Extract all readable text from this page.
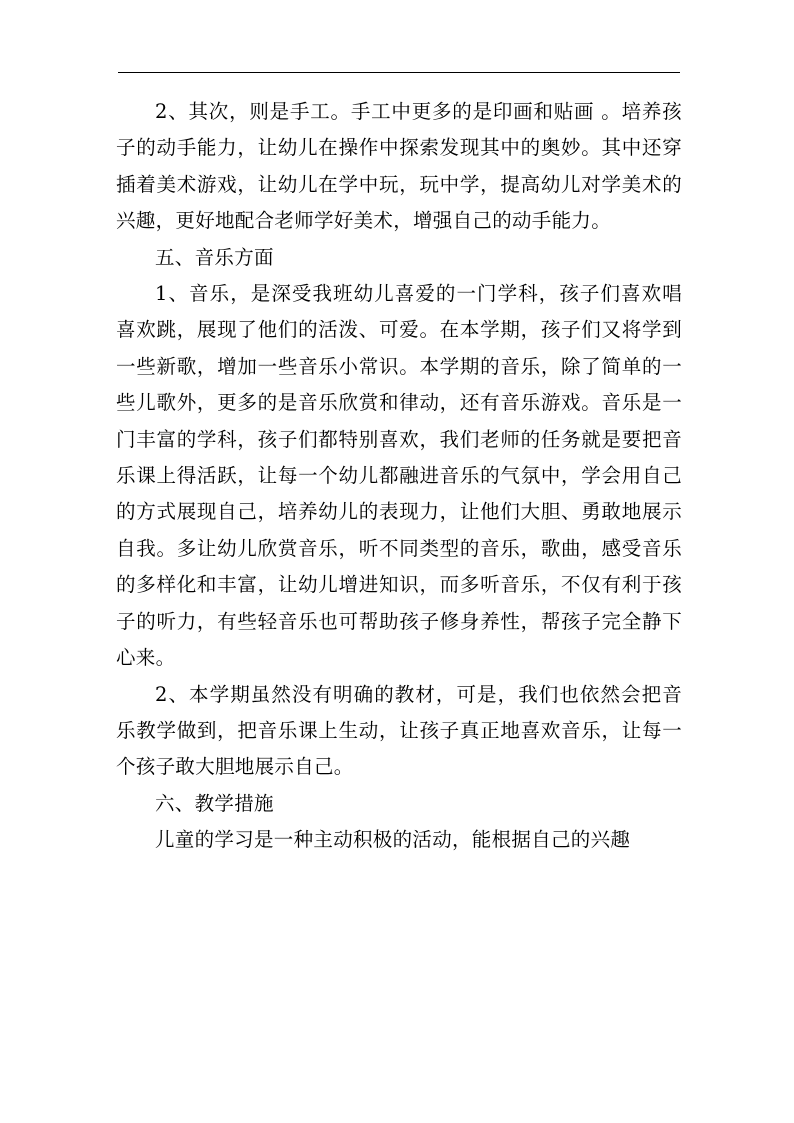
2、其次，则是手工。手工中更多的是印画和贴画 。培养孩子的动手能力，让幼儿在操作中探索发现其中的奥妙。其中还穿插着美术游戏，让幼儿在学中玩，玩中学，提高幼儿对学美术的兴趣，更好地配合老师学好美术，增强自己的动手能力。

五、音乐方面

1、音乐，是深受我班幼儿喜爱的一门学科，孩子们喜欢唱喜欢跳，展现了他们的活泼、可爱。在本学期，孩子们又将学到一些新歌，增加一些音乐小常识。本学期的音乐，除了简单的一些儿歌外，更多的是音乐欣赏和律动，还有音乐游戏。音乐是一门丰富的学科，孩子们都特别喜欢，我们老师的任务就是要把音乐课上得活跃，让每一个幼儿都融进音乐的气氛中，学会用自己的方式展现自己，培养幼儿的表现力，让他们大胆、勇敢地展示自我。多让幼儿欣赏音乐，听不同类型的音乐，歌曲，感受音乐的多样化和丰富，让幼儿增进知识，而多听音乐，不仅有利于孩子的听力，有些轻音乐也可帮助孩子修身养性，帮孩子完全静下心来。

2、本学期虽然没有明确的教材，可是，我们也依然会把音乐教学做到，把音乐课上生动，让孩子真正地喜欢音乐，让每一个孩子敢大胆地展示自己。

六、教学措施

儿童的学习是一种主动积极的活动，能根据自己的兴趣
